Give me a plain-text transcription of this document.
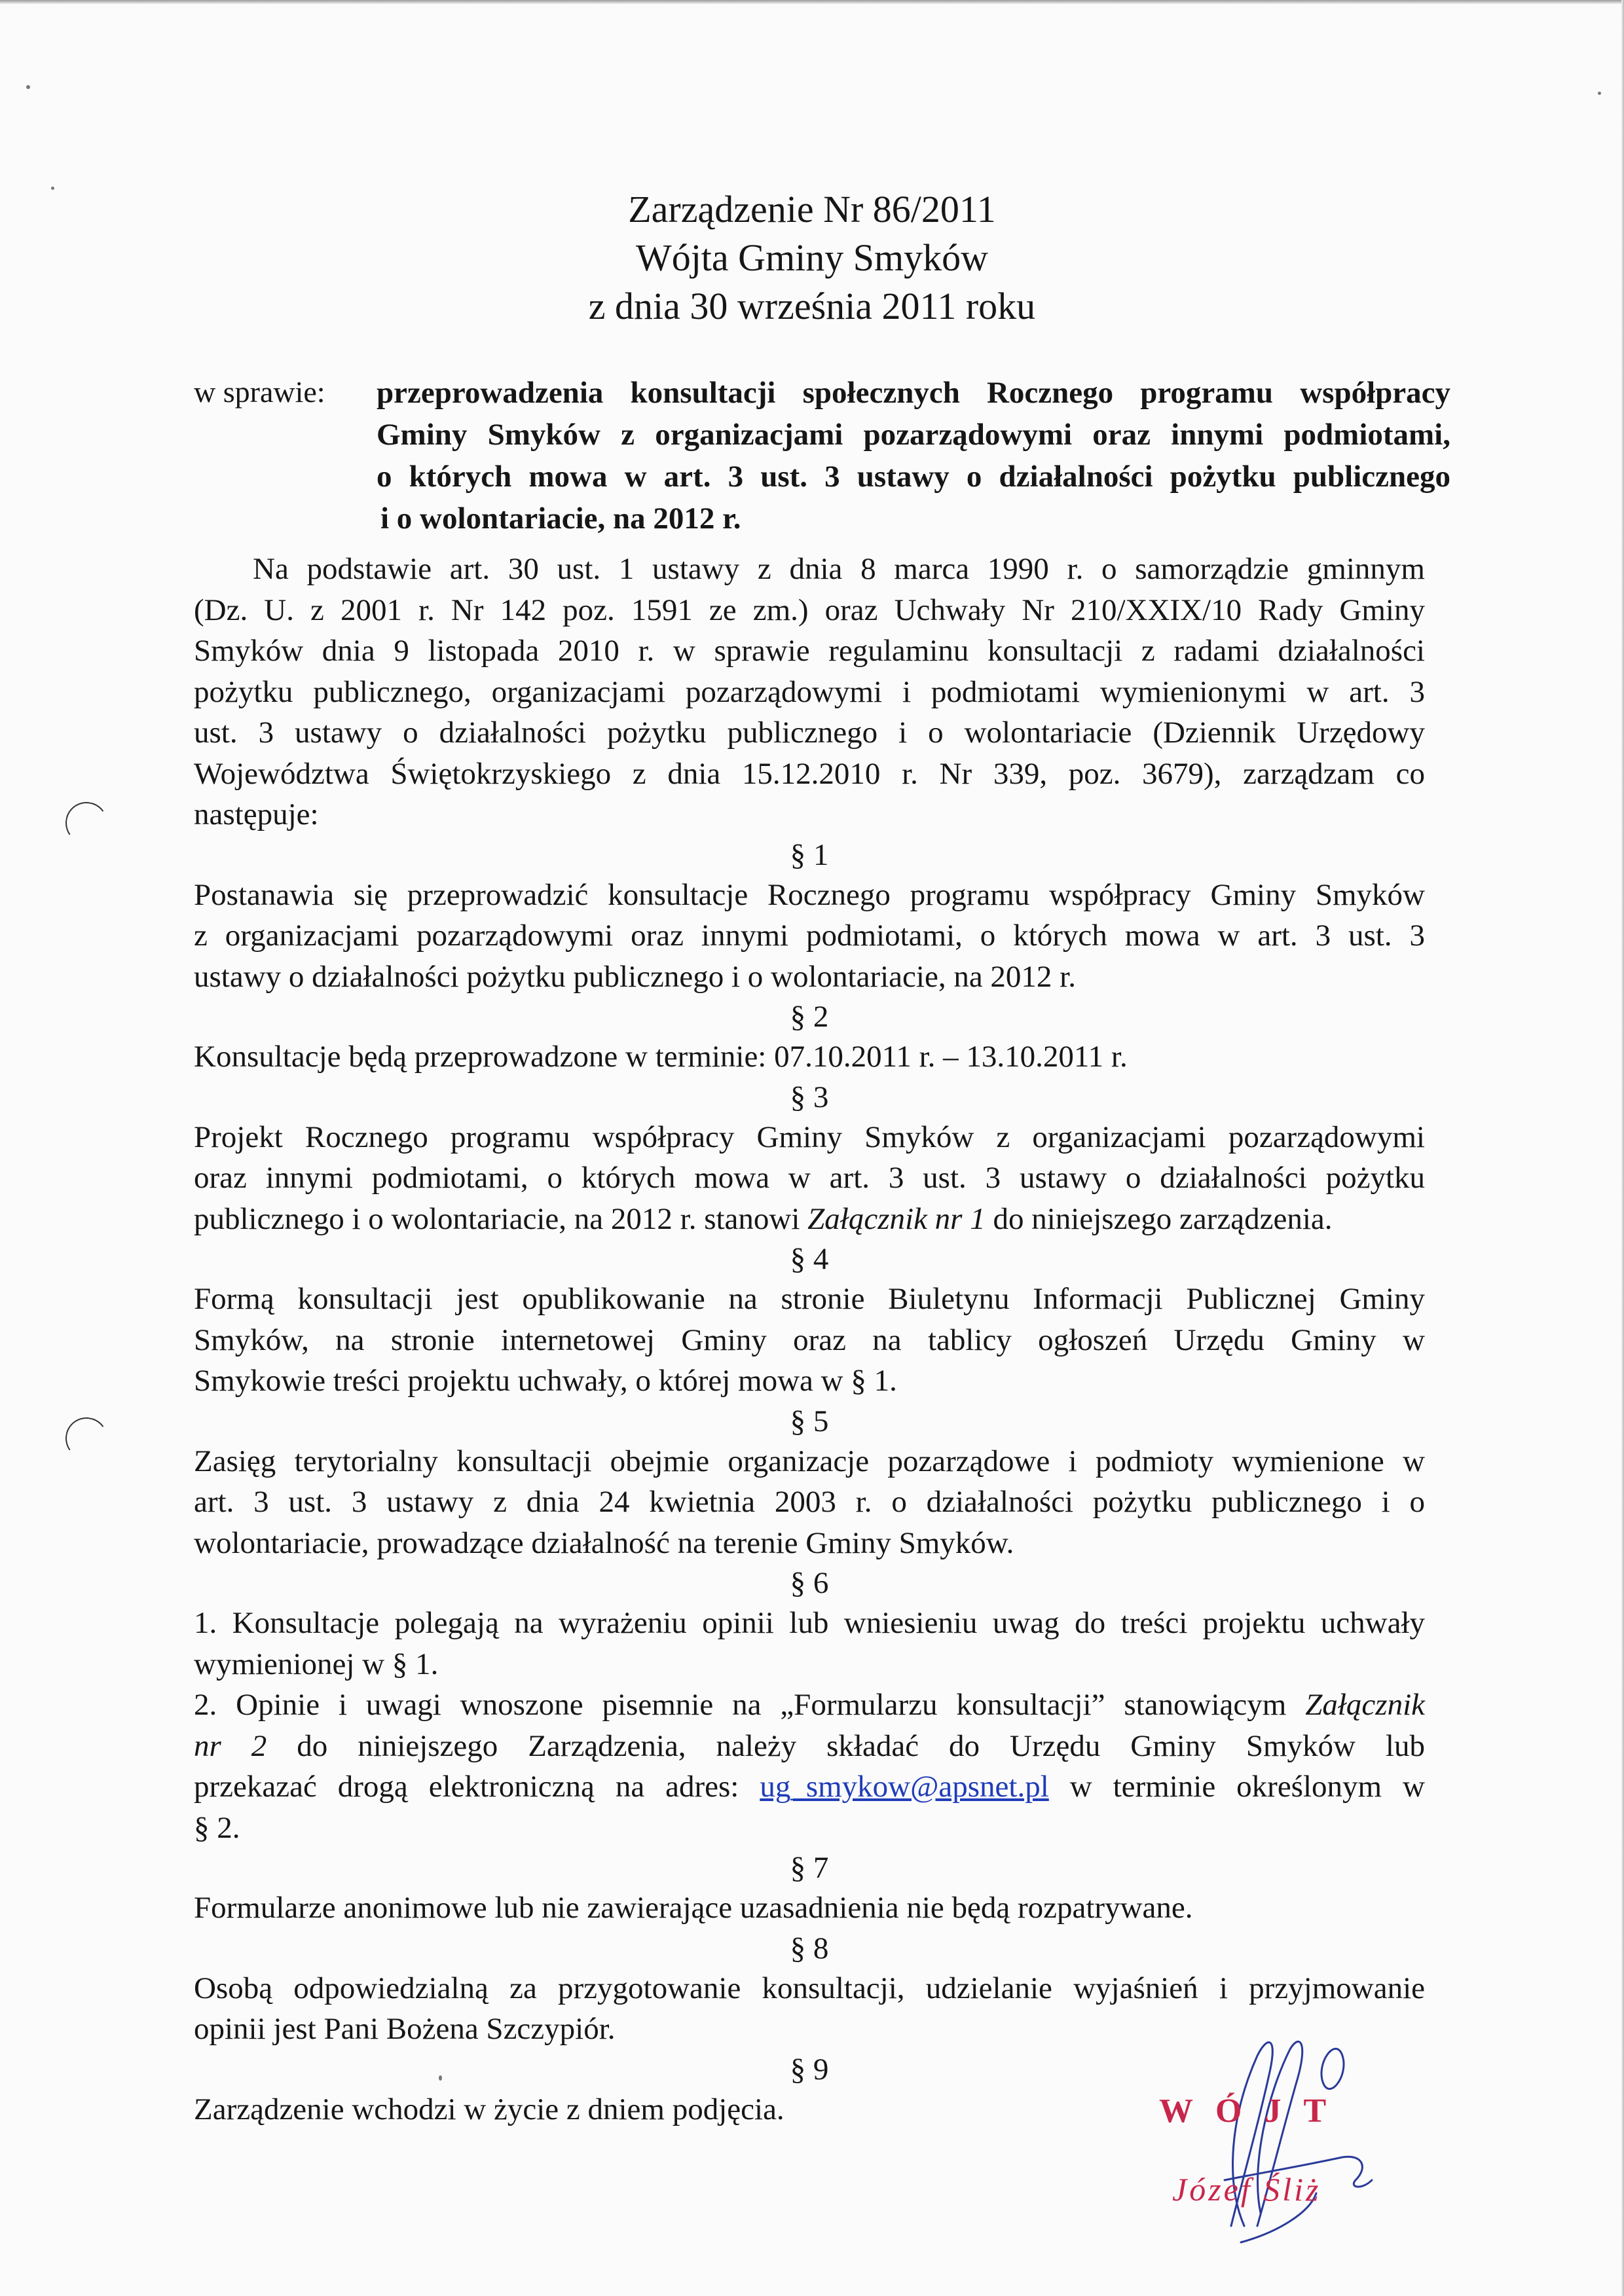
Zarządzenie Nr 86/2011
Wójta Gminy Smyków
z dnia 30 września 2011 roku
w sprawie: przeprowadzenia konsultacji społecznych Rocznego programu współpracy
Gminy Smyków z organizacjami pozarządowymi oraz innymi podmiotami,
o których mowa w art. 3 ust. 3 ustawy o działalności pożytku publicznego
i o wolontariacie, na 2012 r.
Na podstawie art. 30 ust. 1 ustawy z dnia 8 marca 1990 r. o samorządzie gminnym
(Dz. U. z 2001 r. Nr 142 poz. 1591 ze zm.) oraz Uchwały Nr 210/XXIX/10 Rady Gminy
Smyków dnia 9 listopada 2010 r. w sprawie regulaminu konsultacji z radami działalności
pożytku publicznego, organizacjami pozarządowymi i podmiotami wymienionymi w art. 3
ust. 3 ustawy o działalności pożytku publicznego i o wolontariacie (Dziennik Urzędowy
Województwa Świętokrzyskiego z dnia 15.12.2010 r. Nr 339, poz. 3679), zarządzam co
następuje:
§ 1
Postanawia się przeprowadzić konsultacje Rocznego programu współpracy Gminy Smyków
z organizacjami pozarządowymi oraz innymi podmiotami, o których mowa w art. 3 ust. 3
ustawy o działalności pożytku publicznego i o wolontariacie, na 2012 r.
§ 2
Konsultacje będą przeprowadzone w terminie: 07.10.2011 r. – 13.10.2011 r.
§ 3
Projekt Rocznego programu współpracy Gminy Smyków z organizacjami pozarządowymi
oraz innymi podmiotami, o których mowa w art. 3 ust. 3 ustawy o działalności pożytku
publicznego i o wolontariacie, na 2012 r. stanowi Załącznik nr 1 do niniejszego zarządzenia.
§ 4
Formą konsultacji jest opublikowanie na stronie Biuletynu Informacji Publicznej Gminy
Smyków, na stronie internetowej Gminy oraz na tablicy ogłoszeń Urzędu Gminy w
Smykowie treści projektu uchwały, o której mowa w § 1.
§ 5
Zasięg terytorialny konsultacji obejmie organizacje pozarządowe i podmioty wymienione w
art. 3 ust. 3 ustawy z dnia 24 kwietnia 2003 r. o działalności pożytku publicznego i o
wolontariacie, prowadzące działalność na terenie Gminy Smyków.
§ 6
1. Konsultacje polegają na wyrażeniu opinii lub wniesieniu uwag do treści projektu uchwały
wymienionej w § 1.
2. Opinie i uwagi wnoszone pisemnie na „Formularzu konsultacji” stanowiącym Załącznik
nr 2 do niniejszego Zarządzenia, należy składać do Urzędu Gminy Smyków lub
przekazać drogą elektroniczną na adres: ug_smykow@apsnet.pl w terminie określonym w
§ 2.
§ 7
Formularze anonimowe lub nie zawierające uzasadnienia nie będą rozpatrywane.
§ 8
Osobą odpowiedzialną za przygotowanie konsultacji, udzielanie wyjaśnień i przyjmowanie
opinii jest Pani Bożena Szczypiór.
§ 9
Zarządzenie wchodzi w życie z dniem podjęcia.	WÓJT
Józef Śliż
